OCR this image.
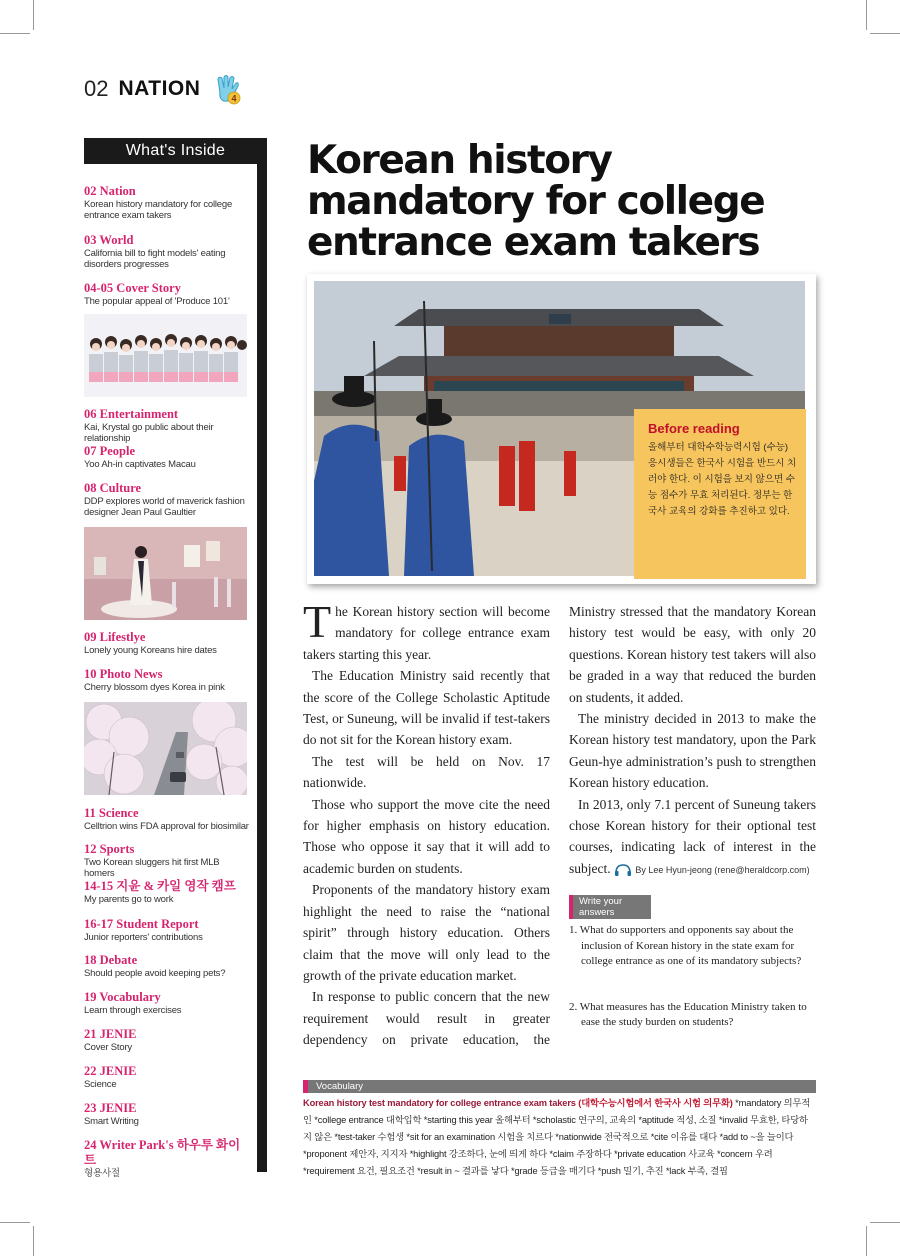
02 NATION	4
What's Inside
02 Nation
Korean history mandatory for college entrance exam takers
03 World
California bill to fight models' eating disorders progresses
04-05 Cover Story
The popular appeal of 'Produce 101'
06 Entertainment
Kai, Krystal go public about their relationship
07 People
Yoo Ah-in captivates Macau
08 Culture
DDP explores world of maverick fashion designer Jean Paul Gaultier
09 Lifestlye
Lonely young Koreans hire dates
10 Photo News
Cherry blossom dyes Korea in pink
11 Science
Celltrion wins FDA approval for biosimilar
12 Sports
Two Korean sluggers hit first MLB homers
14-15 지윤 & 카일 영작 캠프
My parents go to work
16-17 Student Report
Junior reporters' contributions
18 Debate
Should people avoid keeping pets?
19 Vocabulary
Learn through exercises
21 JENIE
Cover Story
22 JENIE
Science
23 JENIE
Smart Writing
24 Writer Park's 하우투 화이트
형용사절
Korean history mandatory for college entrance exam takers
Before reading
올해부터 대학수학능력시험 (수능) 응시생들은 한국사 시험을 반드시 치러야 한다. 이 시험을 보지 않으면 수능 점수가 무효 처리된다. 정부는 한국사 교육의 강화를 추진하고 있다.

The Korean history section will become mandatory for college entrance exam takers starting this year.

The Education Ministry said recently that the score of the College Scholastic Aptitude Test, or Suneung, will be invalid if test-takers do not sit for the Korean history exam.

The test will be held on Nov. 17 nationwide.

Those who support the move cite the need for higher emphasis on history education. Those who oppose it say that it will add to academic burden on students.

Proponents of the mandatory history exam highlight the need to raise the “national spirit” through history education. Others claim that the move will only lead to the growth of the private education market.

In response to public concern that the new requirement would result in greater dependency on private education, the

Ministry stressed that the mandatory Korean history test would be easy, with only 20 questions. Korean history test takers will also be graded in a way that reduced the burden on students, it added.

The ministry decided in 2013 to make the Korean history test mandatory, upon the Park Geun-hye administration’s push to strengthen Korean history education.

In 2013, only 7.1 percent of Suneung takers chose Korean history for their optional test courses, indicating lack of interest in the subject.	By Lee Hyun-jeong (rene@heraldcorp.com)

Write your answers
1. What do supporters and opponents say about the inclusion of Korean history in the state exam for college entrance as one of its mandatory subjects?
2. What measures has the Education Ministry taken to ease the study burden on students?
Vocabulary
Korean history test mandatory for college entrance exam takers (대학수능시험에서 한국사 시험 의무화) *mandatory 의무적인 *college entrance 대학입학 *starting this year 올해부터 *scholastic 연구의, 교육의 *aptitude 적성, 소질 *invalid 무효한, 타당하지 않은 *test-taker 수험생 *sit for an examination 시험을 치르다 *nationwide 전국적으로 *cite 이유를 대다 *add to ~을 늘이다 *proponent 제안자, 지지자 *highlight 강조하다, 눈에 띄게 하다 *claim 주장하다 *private education 사교육 *concern 우려 *requirement 요건, 필요조건 *result in ~ 결과를 낳다 *grade 등급을 매기다 *push 밀기, 추진 *lack 부족, 결핍
